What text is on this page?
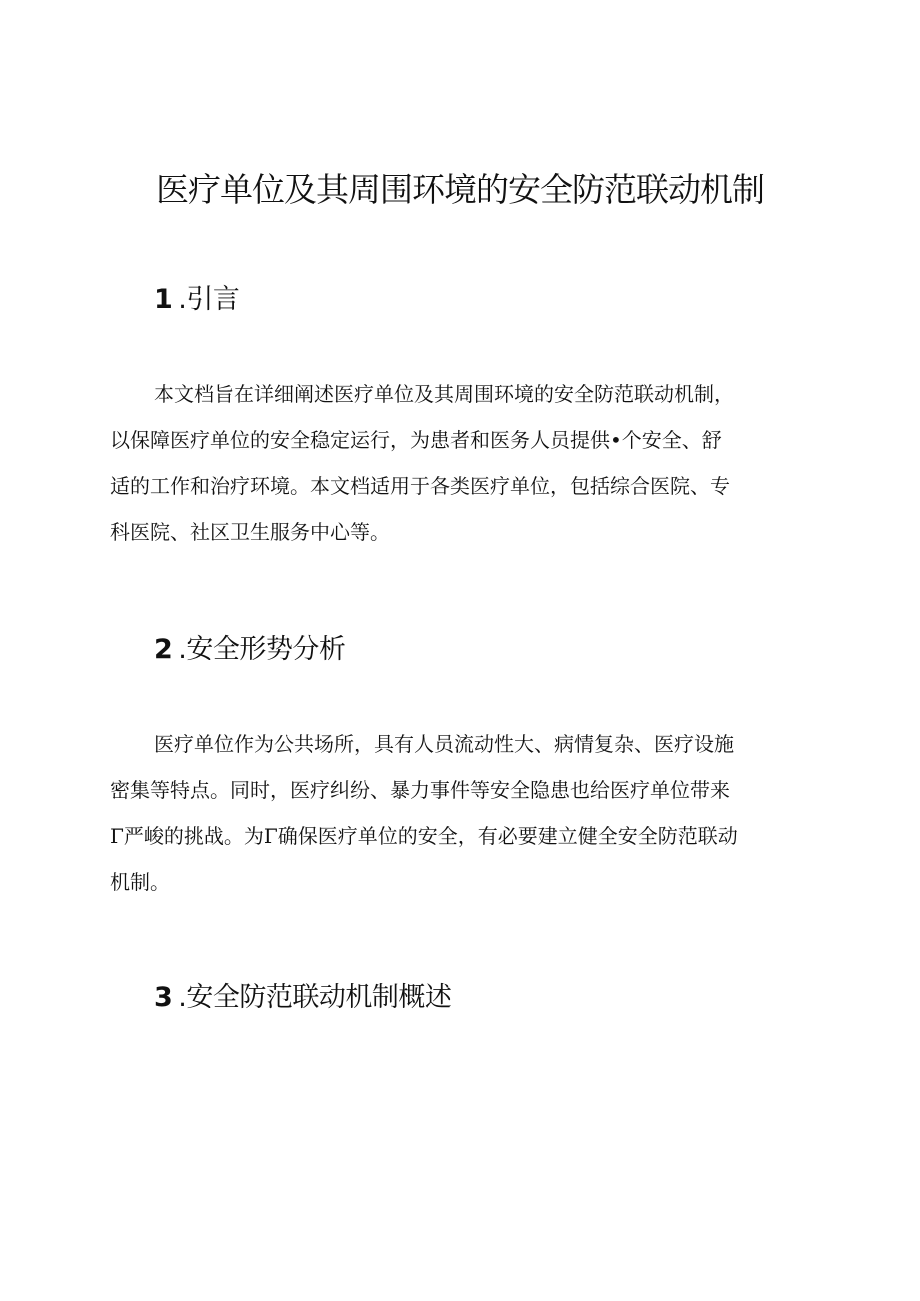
医疗单位及其周围环境的安全防范联动机制
1 .引言
本文档旨在详细阐述医疗单位及其周围环境的安全防范联动机制，
以保障医疗单位的安全稳定运行，为患者和医务人员提供•个安全、舒
适的工作和治疗环境。本文档适用于各类医疗单位，包括综合医院、专
科医院、社区卫生服务中心等。
2 .安全形势分析
医疗单位作为公共场所，具有人员流动性大、病情复杂、医疗设施
密集等特点。同时，医疗纠纷、暴力事件等安全隐患也给医疗单位带来
Γ严峻的挑战。为Γ确保医疗单位的安全，有必要建立健全安全防范联动
机制。
3 .安全防范联动机制概述
